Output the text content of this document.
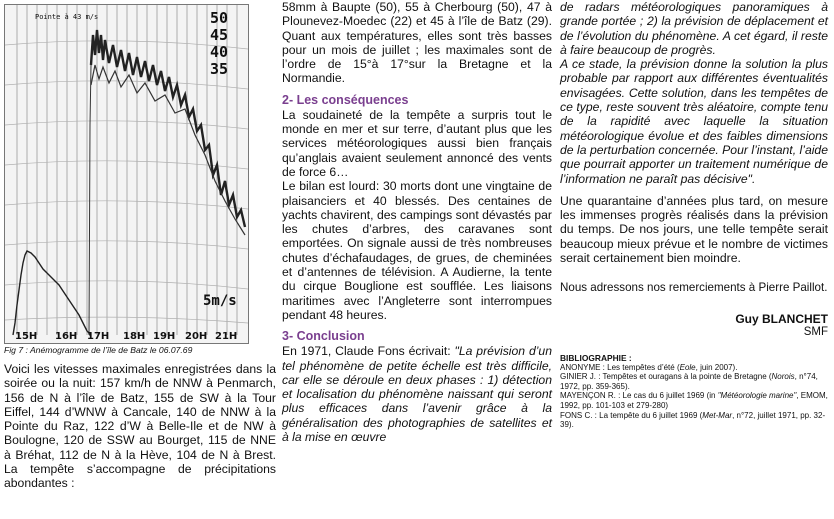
Pointe à 43 m/s	50
45
40
35
5m/s
15H 16H 17H 18H 19H 20H 21H

Fig 7 : Anémogramme de l’île de Batz le 06.07.69

Voici les vitesses maximales enregistrées dans la soirée ou la nuit: 157 km/h de NNW à Penmarch, 156 de N à l’île de Batz, 155 de SW à la Tour Eiffel, 144 d’WNW à Cancale, 140 de NNW à la Pointe du Raz, 122 d’W à Belle-Ile et de NW à Boulogne, 120 de SSW au Bourget, 115 de NNE à Bréhat, 112 de N à la Hève, 104 de N à Brest. La tempête s’accompagne de précipitations abondantes :

58mm à Baupte (50), 55 à Cherbourg (50), 47 à Plounevez-Moedec (22) et 45 à l’île de Batz (29). Quant aux températures, elles sont très basses pour un mois de juillet ; les maximales sont de l’ordre de 15°à 17°sur la Bretagne et la Normandie.

2- Les conséquences

La soudaineté de la tempête a surpris tout le monde en mer et sur terre, d’autant plus que les services météorologiques aussi bien français qu’anglais avaient seulement annoncé des vents de force 6…

Le bilan est lourd: 30 morts dont une vingtaine de plaisanciers et 40 blessés. Des centaines de yachts chavirent, des campings sont dévastés par les chutes d’arbres, des caravanes sont emportées. On signale aussi de très nombreuses chutes d’échafaudages, de grues, de cheminées et d’antennes de télévision. A Audierne, la tente du cirque Bouglione est soufflée. Les liaisons maritimes avec l’Angleterre sont interrompues pendant 48 heures.

3- Conclusion

En 1971, Claude Fons écrivait: "La prévision d’un tel phénomène de petite échelle est très difficile, car elle se déroule en deux phases : 1) détection et localisation du phénomène naissant qui seront plus efficaces dans l’avenir grâce à la généralisation des photographies de satellites et à la mise en œuvre

de radars météorologiques panoramiques à grande portée ; 2) la prévision de déplacement et de l’évolution du phénomène. A cet égard, il reste à faire beaucoup de progrès.

A ce stade, la prévision donne la solution la plus probable par rapport aux différentes éventualités envisagées. Cette solution, dans les tempêtes de ce type, reste souvent très aléatoire, compte tenu de la rapidité avec laquelle la situation météorologique évolue et des faibles dimensions de la perturbation concernée. Pour l’instant, l’aide que pourrait apporter un traitement numérique de l’information ne paraît pas décisive".

Une quarantaine d’années plus tard, on mesure les immenses progrès réalisés dans la prévision du temps. De nos jours, une telle tempête serait beaucoup mieux prévue et le nombre de victimes serait certainement bien moindre.

Nous adressons nos remerciements à Pierre Paillot.

Guy BLANCHET

SMF

BIBLIOGRAPHIE :

ANONYME : Les tempêtes d’été (Eole, juin 2007).

GINIER J. : Tempêtes et ouragans à la pointe de Bretagne (Norois, n°74, 1972, pp. 359-365).

MAYENÇON R. : Le cas du 6 juillet 1969 (in "Météorologie marine", EMOM, 1992, pp. 101-103 et 279-280)

FONS C. : La tempête du 6 juillet 1969 (Met-Mar, n°72, juillet 1971, pp. 32-39).
